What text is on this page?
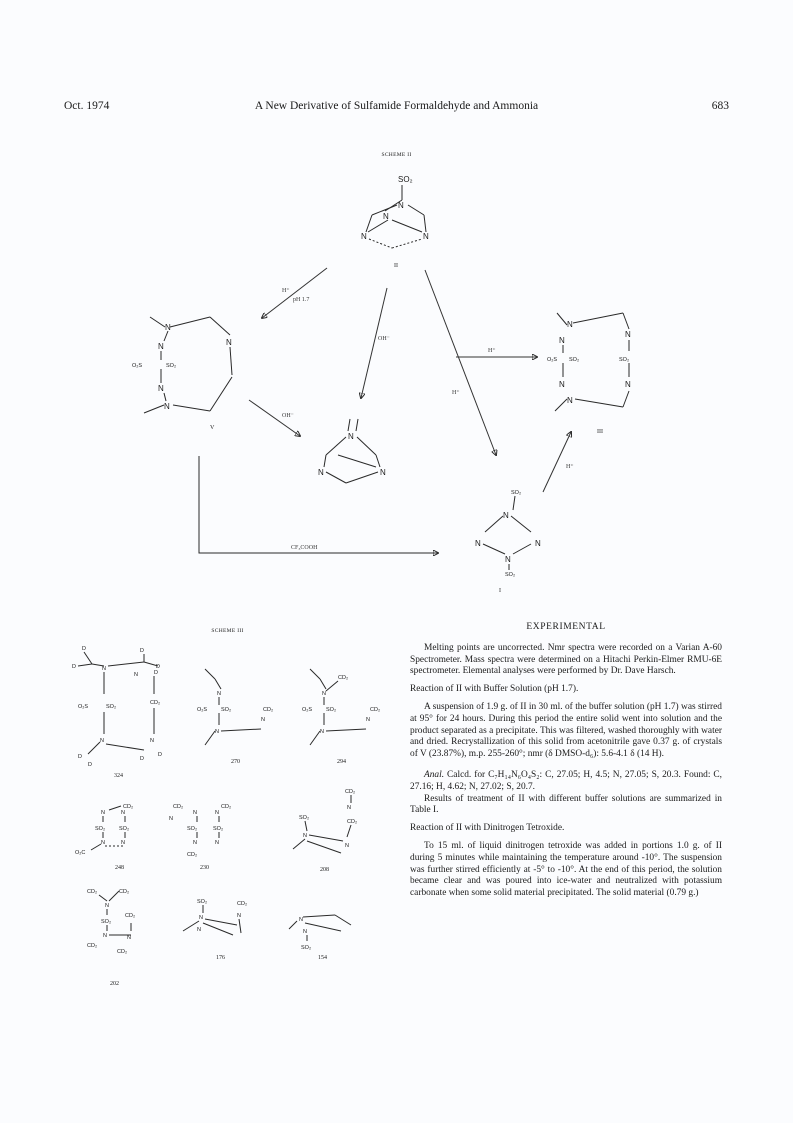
Oct. 1974	A New Derivative of Sulfamide Formaldehyde and Ammonia	683
SCHEME II
SO₂
N
N
N	N
II
N
N	N
O₂S	SO₂
N
N
V
N
N
N
O₂S SO₂	SO₂
N	N
N
III
N
N	N
SO₂
N
N	N
N
SO₂
I
H⁺
pH 1.7
OH⁻
H⁺
H⁺
OH⁻
H⁺
CF₃COOH
SCHEME III
D
D
D
D
N
N	D
O₂S	SO₂
CD₂
N	N
D
D
D
D
324
N
O₂S	SO₂
N
N
CD₂
270
N
CD₂
O₂S	SO₂
N
N
CD₂
294
CD₂
N	N
SO₂	SO₂
N	N
O₂C
248
CD₂
N
CD₂
N	N
SO₂	SO₂
N	N
CD₂
230
CD₂
N
SO₂
CD₂
N
N
208
CD₂	CD₂
N
SO₂
CD₂
N	N
CD₂
CD₂
202
SO₂	CD₂
N	N
N
176
N
N
SO₂
154
EXPERIMENTAL

Melting points are uncorrected. Nmr spectra were recorded on a Varian A-60 Spectrometer. Mass spectra were determined on a Hitachi Perkin-Elmer RMU-6E spectrometer. Elemental analyses were performed by Dr. Dave Harsch.

Reaction of II with Buffer Solution (pH 1.7).

A suspension of 1.9 g. of II in 30 ml. of the buffer solution (pH 1.7) was stirred at 95° for 24 hours. During this period the entire solid went into solution and the product separated as a precipitate. This was filtered, washed thoroughly with water and dried. Recrystallization of this solid from acetonitrile gave 0.37 g. of crystals of V (23.87%), m.p. 255-260°; nmr (δ DMSO-d₆): 5.6-4.1 δ (14 H).

Anal. Calcd. for C₇H₁₄N₆O₄S₂: C, 27.05; H, 4.5; N, 27.05; S, 20.3. Found: C, 27.16; H, 4.62; N, 27.02; S, 20.7.

Results of treatment of II with different buffer solutions are summarized in Table I.

Reaction of II with Dinitrogen Tetroxide.

To 15 ml. of liquid dinitrogen tetroxide was added in portions 1.0 g. of II during 5 minutes while maintaining the temperature around -10°. The suspension was further stirred efficiently at -5° to -10°. At the end of this period, the solution became clear and was poured into ice-water and neutralized with potassium carbonate when some solid material precipitated. The solid material (0.79 g.)
